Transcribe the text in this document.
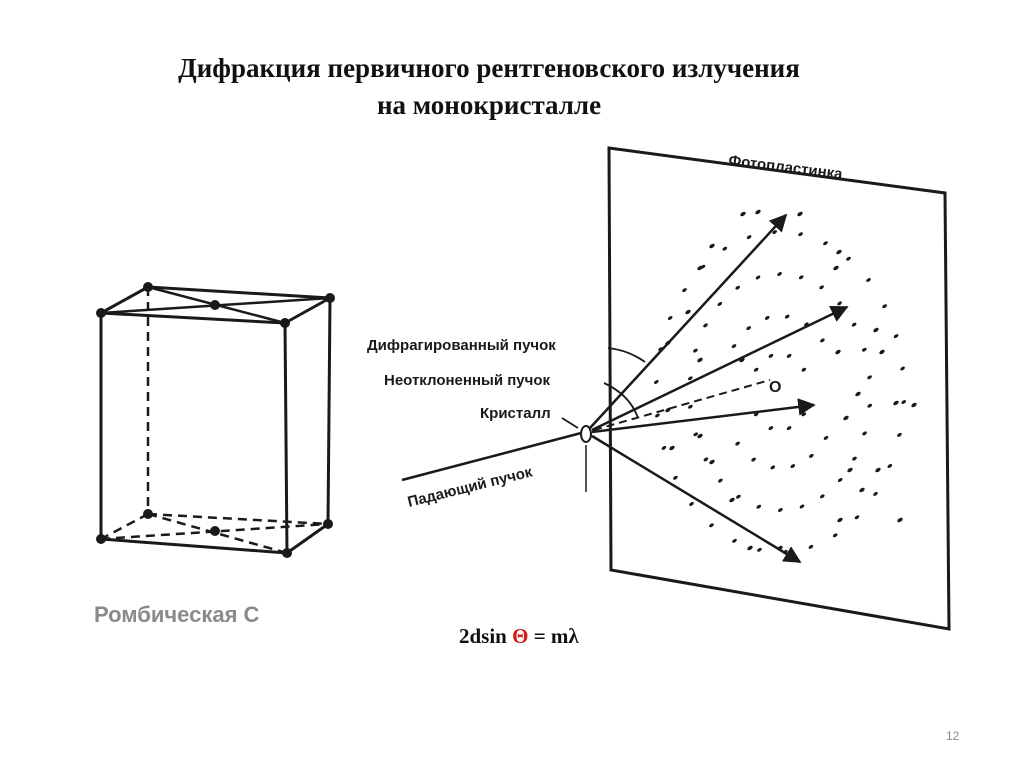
Дифракция первичного рентгеновского излучения
на монокристалле
O
Фотопластинка
Падающий пучок
Дифрагированный пучок
Неотклоненный пучок
Кристалл
Ромбическая С
2dsin Θ = mλ
12
